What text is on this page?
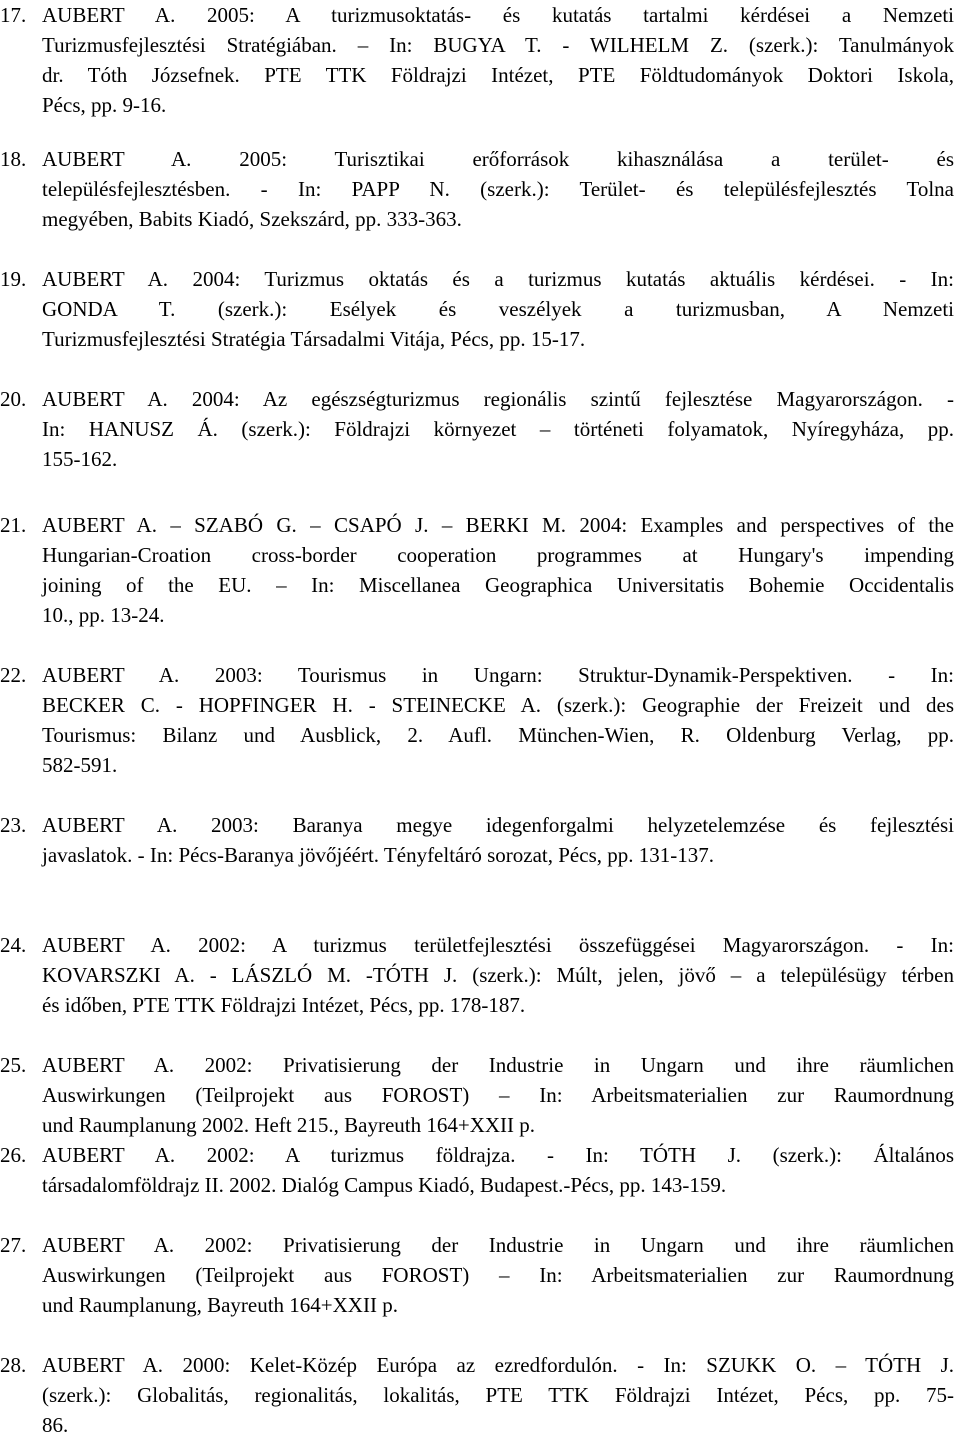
17. AUBERT A. 2005: A turizmusoktatás- és kutatás tartalmi kérdései a Nemzeti
Turizmusfejlesztési Stratégiában. – In: BUGYA T. - WILHELM Z. (szerk.): Tanulmányok
dr. Tóth Józsefnek. PTE TTK Földrajzi Intézet, PTE Földtudományok Doktori Iskola,
Pécs, pp. 9-16.
18. AUBERT A. 2005: Turisztikai erőforrások kihasználása a terület- és
településfejlesztésben. - In: PAPP N. (szerk.): Terület- és településfejlesztés Tolna
megyében, Babits Kiadó, Szekszárd, pp. 333-363.
19. AUBERT A. 2004: Turizmus oktatás és a turizmus kutatás aktuális kérdései. - In:
GONDA T. (szerk.): Esélyek és veszélyek a turizmusban, A Nemzeti
Turizmusfejlesztési Stratégia Társadalmi Vitája, Pécs, pp. 15-17.
20. AUBERT A. 2004: Az egészségturizmus regionális szintű fejlesztése Magyarországon. -
In: HANUSZ Á. (szerk.): Földrajzi környezet – történeti folyamatok, Nyíregyháza, pp.
155-162.
21. AUBERT A. – SZABÓ G. – CSAPÓ J. – BERKI M. 2004: Examples and perspectives of the
Hungarian-Croation cross-border cooperation programmes at Hungary's impending
joining of the EU. – In: Miscellanea Geographica Universitatis Bohemie Occidentalis
10., pp. 13-24.
22. AUBERT A. 2003: Tourismus in Ungarn: Struktur-Dynamik-Perspektiven. - In:
BECKER C. - HOPFINGER H. - STEINECKE A. (szerk.): Geographie der Freizeit und des
Tourismus: Bilanz und Ausblick, 2. Aufl. München-Wien, R. Oldenburg Verlag, pp.
582-591.
23. AUBERT A. 2003: Baranya megye idegenforgalmi helyzetelemzése és fejlesztési
javaslatok. - In: Pécs-Baranya jövőjéért. Tényfeltáró sorozat, Pécs, pp. 131-137.
24. AUBERT A. 2002: A turizmus területfejlesztési összefüggései Magyarországon. - In:
KOVARSZKI A. - LÁSZLÓ M. -TÓTH J. (szerk.): Múlt, jelen, jövő – a településügy térben
és időben, PTE TTK Földrajzi Intézet, Pécs, pp. 178-187.
25. AUBERT A. 2002: Privatisierung der Industrie in Ungarn und ihre räumlichen
Auswirkungen (Teilprojekt aus FOROST) – In: Arbeitsmaterialien zur Raumordnung
und Raumplanung 2002. Heft 215., Bayreuth 164+XXII p.
26. AUBERT A. 2002: A turizmus földrajza. - In: TÓTH J. (szerk.): Általános
társadalomföldrajz II. 2002. Dialóg Campus Kiadó, Budapest.-Pécs, pp. 143-159.
27. AUBERT A. 2002: Privatisierung der Industrie in Ungarn und ihre räumlichen
Auswirkungen (Teilprojekt aus FOROST) – In: Arbeitsmaterialien zur Raumordnung
und Raumplanung, Bayreuth 164+XXII p.
28. AUBERT A. 2000: Kelet-Közép Európa az ezredfordulón. - In: SZUKK O. – TÓTH J.
(szerk.): Globalitás, regionalitás, lokalitás, PTE TTK Földrajzi Intézet, Pécs, pp. 75-
86.
